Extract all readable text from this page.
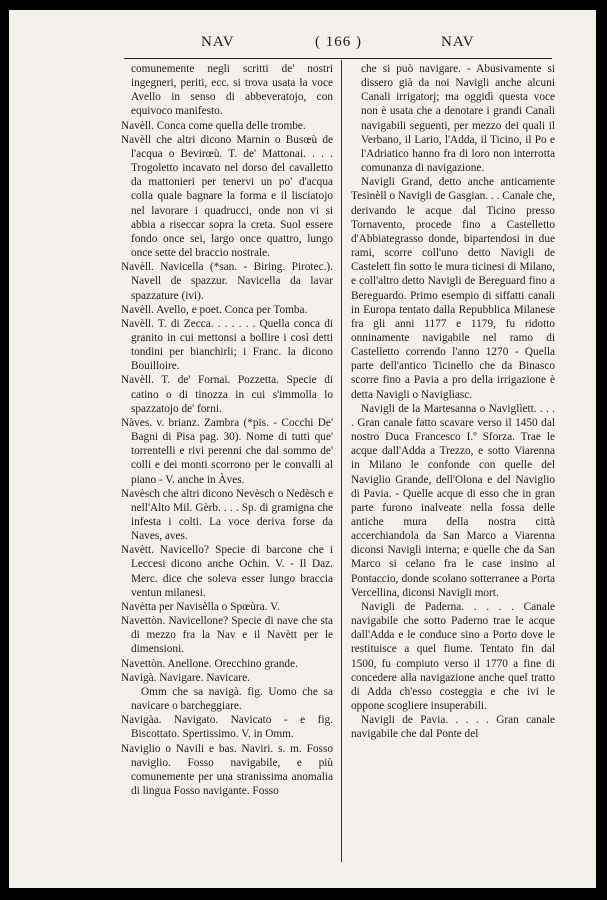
NAV	( 166 )	NAV

comunemente negli scritti de' nostri ingegneri, periti, ecc. si trova usata la voce Avello in senso di abbeveratojo, con equivoco manifesto.

Navèll. Conca come quella delle trombe.

Navèll che altri dicono Marnin o Busœù de l'acqua o Bevirœù. T. de' Mattonai. . . . Trogoletto incavato nel dorso del cavalletto da mattonieri per tenervi un po' d'acqua colla quale bagnare la forma e il lisciatojo nel lavorare i quadrucci, onde non vi si abbia a riseccar sopra la creta. Suol essere fondo once sei, largo once quattro, lungo once sette del braccio nostrale.

Navèll. Navicella (*san. - Biring. Pirotec.). Navell de spazzur. Navicella da lavar spazzature (ivi).

Navèll. Avello, e poet. Conca per Tomba.

Navèll. T. di Zecca. . . . . . . Quella conca di granito in cui mettonsi a bollire i così detti tondini per bianchirli; i Franc. la dicono Bouilloire.

Navèll. T. de' Fornai. Pozzetta. Specie di catino o di tinozza in cui s'immolla lo spazzatojo de' forni.

Nàves. v. brianz. Zambra (*pis. - Cocchi De' Bagni di Pisa pag. 30). Nome di tutti que' torrentelli e rivi perenni che dal sommo de' colli e dei monti scorrono per le convalli al piano - V. anche in Àves.

Navèsch che altri dicono Nevèsch o Nedèsch e nell'Alto Mil. Gèrb. . . . Sp. di gramigna che infesta i colti. La voce deriva forse da Naves, aves.

Navètt. Navicello? Specie di barcone che i Leccesi dicono anche Ochin. V. - Il Daz. Merc. dice che soleva esser lungo braccia ventun milanesi.

Navètta per Navisèlla o Spœùra. V.

Navettòn. Navicellone? Specie di nave che sta di mezzo fra la Nav e il Navètt per le dimensioni.

Navettòn. Anellone. Orecchino grande.

Navigà. Navigare. Navicare.

Omm che sa navigà. fig. Uomo che sa navicare o barcheggiare.

Navigàa. Navigato. Navicato - e fig. Biscottato. Spertissimo. V. in Omm.

Naviglio o Navili e bas. Naviri. s. m. Fosso naviglio. Fosso navigabile, e più comunemente per una stranissima anomalia di lingua Fosso navigante. Fosso

che si può navigare. - Abusivamente si dissero già da noi Navigli anche alcuni Canali irrigatorj; ma oggidì questa voce non è usata che a denotare i grandi Canali navigabili seguenti, per mezzo dei quali il Verbano, il Lario, l'Adda, il Ticino, il Po e l'Adriatico hanno fra di loro non interrotta comunanza di navigazione.

Navigli Grand, detto anche anticamente Tesinèll o Navigli de Gasgian. . . Canale che, derivando le acque dal Ticino presso Tornavento, procede fino a Castelletto d'Abbiategrasso donde, bipartendosi in due rami, scorre coll'uno detto Navigli de Castelett fin sotto le mura ticinesi di Milano, e coll'altro detto Navigli de Bereguard fino a Bereguardo. Primo esempio di siffatti canali in Europa tentato dalla Repubblica Milanese fra gli anni 1177 e 1179, fu ridotto onninamente navigabile nel ramo di Castelletto correndo l'anno 1270 - Quella parte dell'antico Ticinello che da Binasco scorre fino a Pavia a pro della irrigazione è detta Navigli o Naviglìasc.

Navigli de la Martesanna o Naviglìett. . . . . Gran canale fatto scavare verso il 1450 dal nostro Duca Francesco I.º Sforza. Trae le acque dall'Adda a Trezzo, e sotto Viarenna in Milano le confonde con quelle del Naviglio Grande, dell'Olona e del Naviglio di Pavia. - Quelle acque di esso che in gran parte furono inalveate nella fossa delle antiche mura della nostra città accerchiandola da San Marco a Viarenna diconsi Navigli interna; e quelle che da San Marco si celano fra le case insino al Pontaccio, donde scolano sotterranee a Porta Vercellina, diconsi Navigli mort.

Navigli de Paderna. . . . . Canale navigabile che sotto Paderno trae le acque dall'Adda e le conduce sino a Porto dove le restituisce a quel fiume. Tentato fin dal 1500, fu compiuto verso il 1770 a fine di concedere alla navigazione anche quel tratto di Adda ch'esso costeggia e che ivi le oppone scogliere insuperabili.

Navigli de Pavia. . . . . Gran canale navigabile che dal Ponte del
